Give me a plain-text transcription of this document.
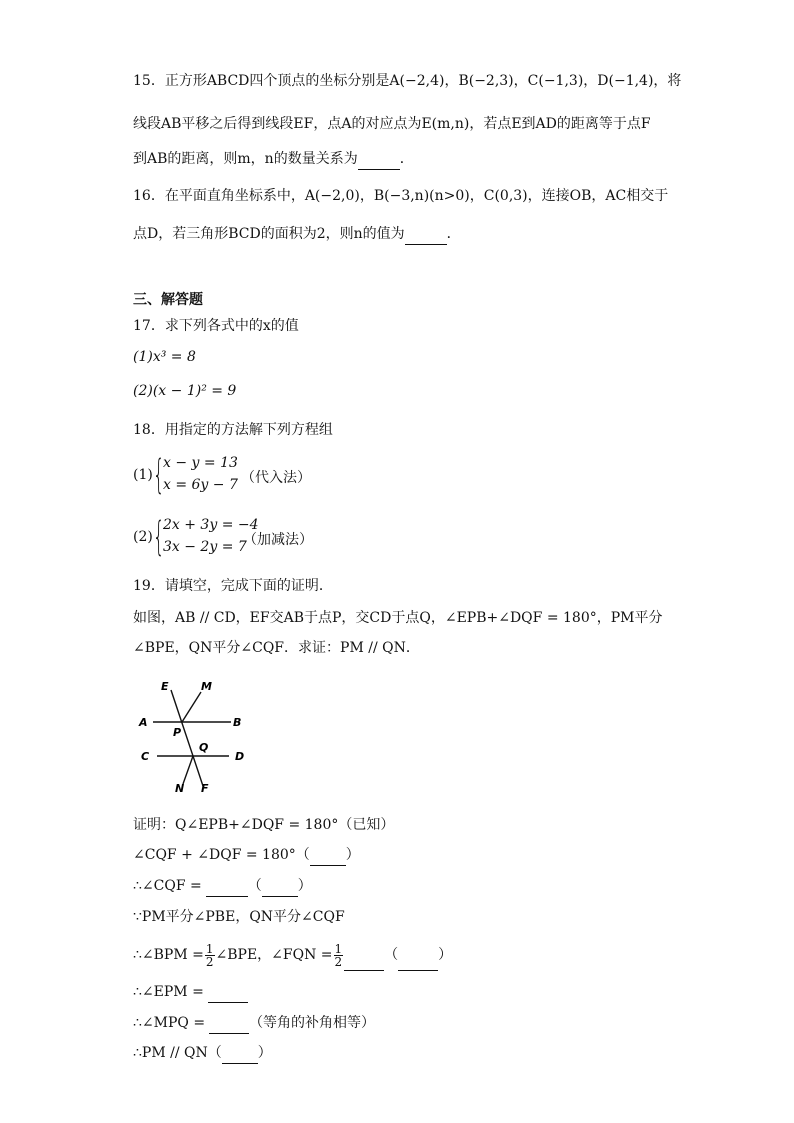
15．正方形ABCD四个顶点的坐标分别是A(−2,4)，B(−2,3)，C(−1,3)，D(−1,4)，将
线段AB平移之后得到线段EF，点A的对应点为E(m,n)，若点E到AD的距离等于点F
到AB的距离，则m，n的数量关系为	．
16．在平面直角坐标系中，A(−2,0)，B(−3,n)(n>0)，C(0,3)，连接OB，AC相交于
点D，若三角形BCD的面积为2，则n的值为	．
三、解答题
17．求下列各式中的x的值
(1)x³ = 8
(2)(x − 1)² = 9
18．用指定的方法解下列方程组
(1) {
x − y = 13
x = 6y − 7 （代入法）
(2) {
2x + 3y = −4
3x − 2y = 7
（加减法）
19．请填空，完成下面的证明．
如图，AB // CD，EF交AB于点P，交CD于点Q，∠EPB+∠DQF = 180°，PM平分
∠BPE，QN平分∠CQF．求证：PM // QN．
E	M
A	B
P
Q
C	D
N F
证明：Q∠EPB+∠DQF = 180°（已知）
∠CQF + ∠DQF = 180°（	）
∴∠CQF =	（	）
∵PM平分∠PBE，QN平分∠CQF
∴∠BPM = $\frac{1}{2}$ ∠BPE，∠FQN = $\frac{1}{2}$	（	）
∴∠EPM =
∴∠MPQ =	（等角的补角相等）
∴PM // QN（	）
